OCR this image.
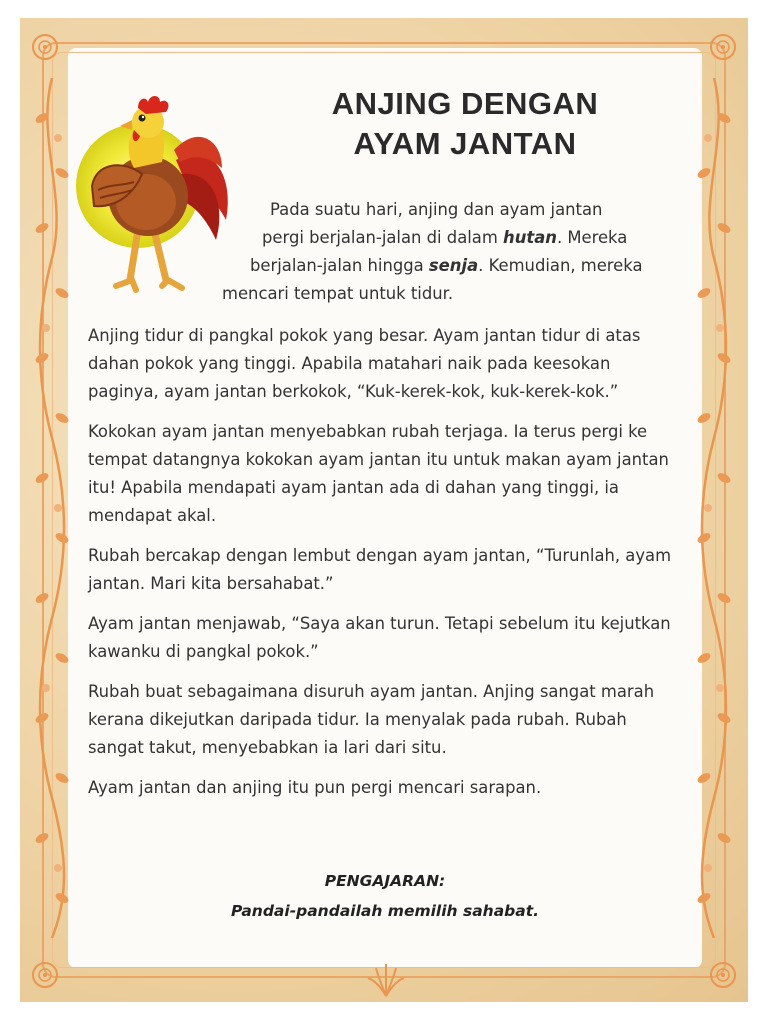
ANJING DENGAN
AYAM JANTAN
Pada suatu hari, anjing dan ayam jantan
pergi berjalan-jalan di dalam hutan. Mereka
berjalan-jalan hingga senja. Kemudian, mereka
mencari tempat untuk tidur.

Anjing tidur di pangkal pokok yang besar. Ayam jantan tidur di atas dahan pokok yang tinggi. Apabila matahari naik pada keesokan paginya, ayam jantan berkokok, “Kuk-kerek-kok, kuk-kerek-kok.”

Kokokan ayam jantan menyebabkan rubah terjaga. Ia terus pergi ke tempat datangnya kokokan ayam jantan itu untuk makan ayam jantan itu! Apabila mendapati ayam jantan ada di dahan yang tinggi, ia mendapat akal.

Rubah bercakap dengan lembut dengan ayam jantan, “Turunlah, ayam jantan. Mari kita bersahabat.”

Ayam jantan menjawab, “Saya akan turun. Tetapi sebelum itu kejutkan kawanku di pangkal pokok.”

Rubah buat sebagaimana disuruh ayam jantan. Anjing sangat marah kerana dikejutkan daripada tidur. Ia menyalak pada rubah. Rubah sangat takut, menyebabkan ia lari dari situ.

Ayam jantan dan anjing itu pun pergi mencari sarapan.

PENGAJARAN:
Pandai-pandailah memilih sahabat.
